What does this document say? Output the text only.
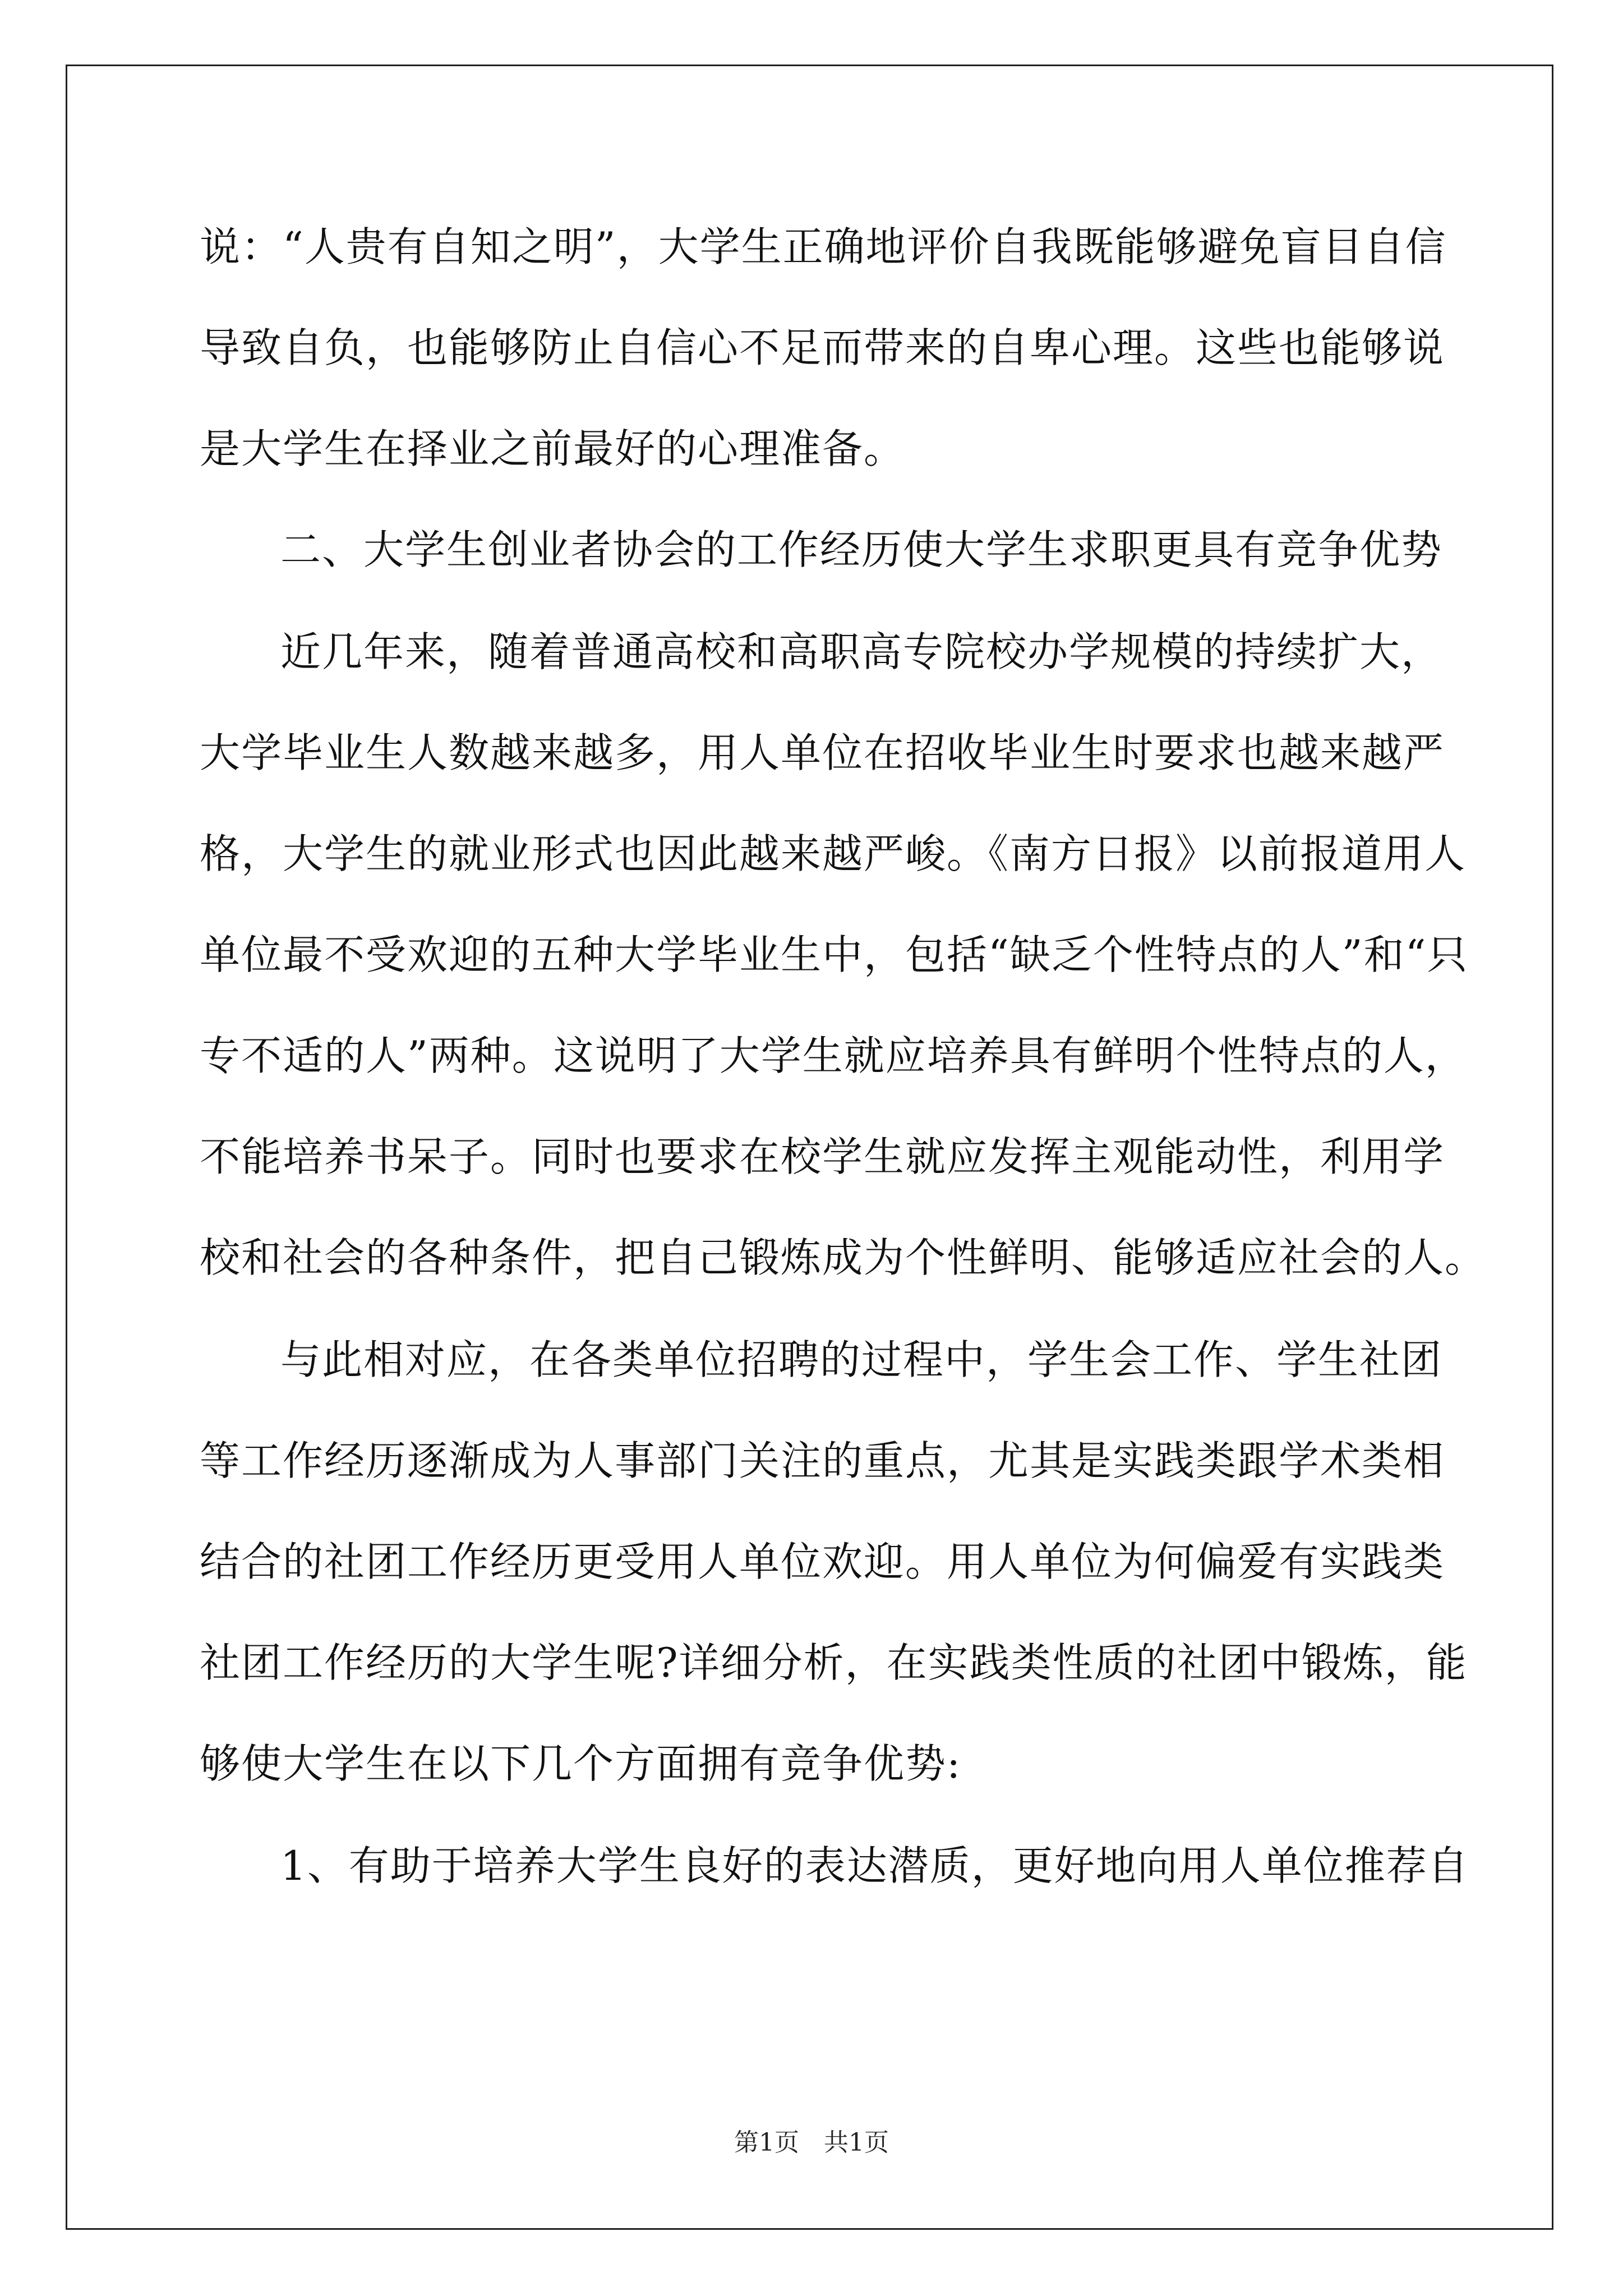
说：“人贵有自知之明”，大学生正确地评价自我既能够避免盲目自信
导致自负，也能够防止自信心不足而带来的自卑心理。这些也能够说
是大学生在择业之前最好的心理准备。
二、大学生创业者协会的工作经历使大学生求职更具有竞争优势
近几年来，随着普通高校和高职高专院校办学规模的持续扩大，
大学毕业生人数越来越多，用人单位在招收毕业生时要求也越来越严
格，大学生的就业形式也因此越来越严峻。《南方日报》以前报道用人
单位最不受欢迎的五种大学毕业生中，包括“缺乏个性特点的人”和“只
专不适的人”两种。这说明了大学生就应培养具有鲜明个性特点的人，
不能培养书呆子。同时也要求在校学生就应发挥主观能动性，利用学
校和社会的各种条件，把自己锻炼成为个性鲜明、能够适应社会的人。
与此相对应，在各类单位招聘的过程中，学生会工作、学生社团
等工作经历逐渐成为人事部门关注的重点，尤其是实践类跟学术类相
结合的社团工作经历更受用人单位欢迎。用人单位为何偏爱有实践类
社团工作经历的大学生呢?详细分析，在实践类性质的社团中锻炼，能
够使大学生在以下几个方面拥有竞争优势:
1、有助于培养大学生良好的表达潜质，更好地向用人单位推荐自
第1页　共1页
